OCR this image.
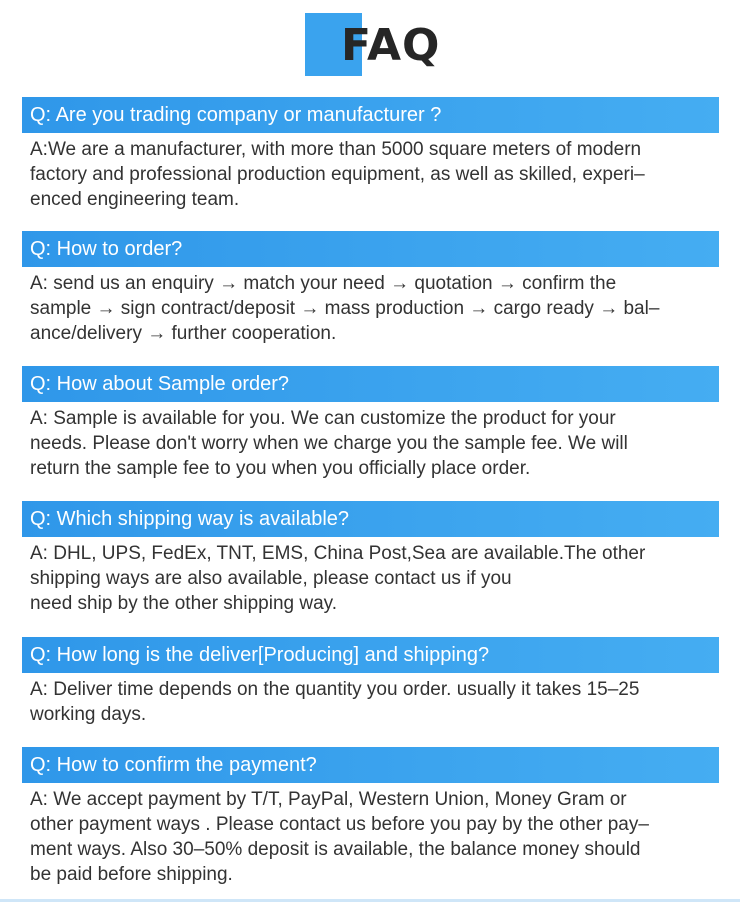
FAQ
Q: Are you trading company or manufacturer ?
A:We are a manufacturer, with more than 5000 square meters of modern
factory and professional production equipment, as well as skilled, experi–
enced engineering team.
Q: How to order?
A: send us an enquiry → match your need → quotation → confirm the
sample → sign contract/deposit → mass production → cargo ready → bal–
ance/delivery → further cooperation.
Q: How about Sample order?
A: Sample is available for you. We can customize the product for your
needs. Please don't worry when we charge you the sample fee. We will
return the sample fee to you when you officially place order.
Q: Which shipping way is available?
A: DHL, UPS, FedEx, TNT, EMS, China Post,Sea are available.The other
shipping ways are also available, please contact us if you
need ship by the other shipping way.
Q: How long is the deliver[Producing] and shipping?
A: Deliver time depends on the quantity you order. usually it takes 15–25
working days.
Q: How to confirm the payment?
A: We accept payment by T/T, PayPal, Western Union, Money Gram or
other payment ways . Please contact us before you pay by the other pay–
ment ways. Also 30–50% deposit is available, the balance money should
be paid before shipping.
